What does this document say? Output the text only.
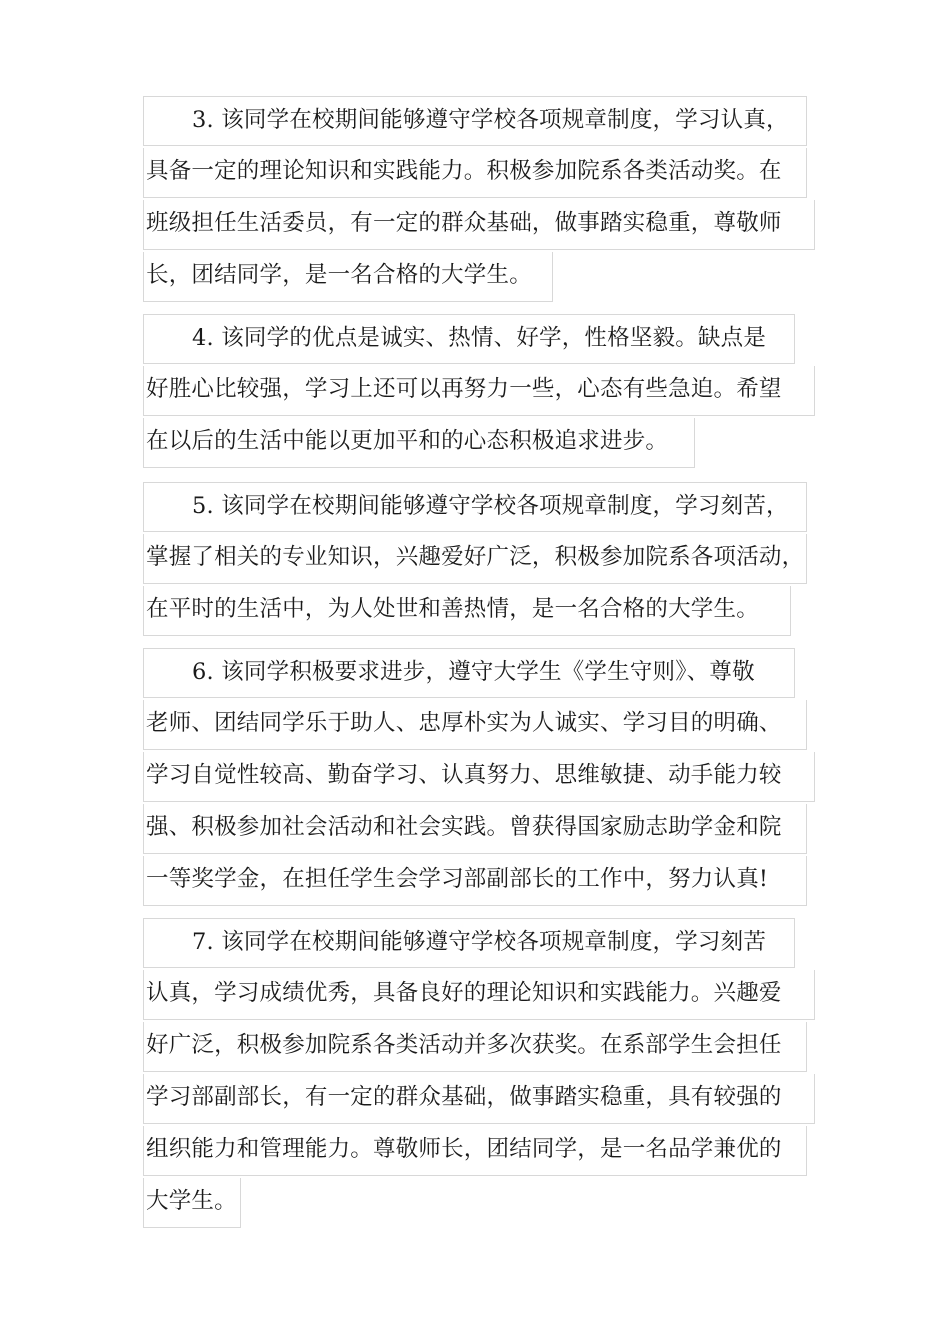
3. 该同学在校期间能够遵守学校各项规章制度，学习认真，
具备一定的理论知识和实践能力。积极参加院系各类活动奖。在
班级担任生活委员，有一定的群众基础，做事踏实稳重，尊敬师
长，团结同学，是一名合格的大学生。
4. 该同学的优点是诚实、热情、好学，性格坚毅。缺点是
好胜心比较强，学习上还可以再努力一些，心态有些急迫。希望
在以后的生活中能以更加平和的心态积极追求进步。
5. 该同学在校期间能够遵守学校各项规章制度，学习刻苦，
掌握了相关的专业知识，兴趣爱好广泛，积极参加院系各项活动，
在平时的生活中，为人处世和善热情，是一名合格的大学生。
6. 该同学积极要求进步，遵守大学生《学生守则》、尊敬
老师、团结同学乐于助人、忠厚朴实为人诚实、学习目的明确、
学习自觉性较高、勤奋学习、认真努力、思维敏捷、动手能力较
强、积极参加社会活动和社会实践。曾获得国家励志助学金和院
一等奖学金，在担任学生会学习部副部长的工作中，努力认真!
7. 该同学在校期间能够遵守学校各项规章制度，学习刻苦
认真，学习成绩优秀，具备良好的理论知识和实践能力。兴趣爱
好广泛，积极参加院系各类活动并多次获奖。在系部学生会担任
学习部副部长，有一定的群众基础，做事踏实稳重，具有较强的
组织能力和管理能力。尊敬师长，团结同学，是一名品学兼优的
大学生。
